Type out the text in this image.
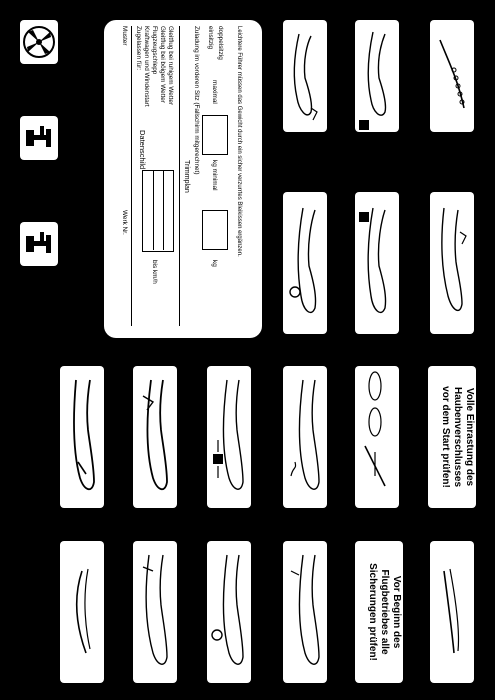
Muster
Werk Nr.
Zugelassen für: Kraftwagen und Windenstart Flugzeugschlepp Gleitflug bei böigem Wetter Gleitflug bei ruhigem Wetter
Datenschild
bis km/h
Trimmplan
Zuladung im vorderen Sitz (Fallschirm mitgerechnet) einsitzig doppelsitzig
maximal
kg minimal
kg
Leichtere Führer müssen das Gewicht durch ein sicher verzurrtes Bleikissen ergänzen.
Volle Einrastung des
Haubenverschlusses
vor dem Start prüfen!
Vor Beginn des
Flugbetriebes alle
Sicherungen prüfen!
